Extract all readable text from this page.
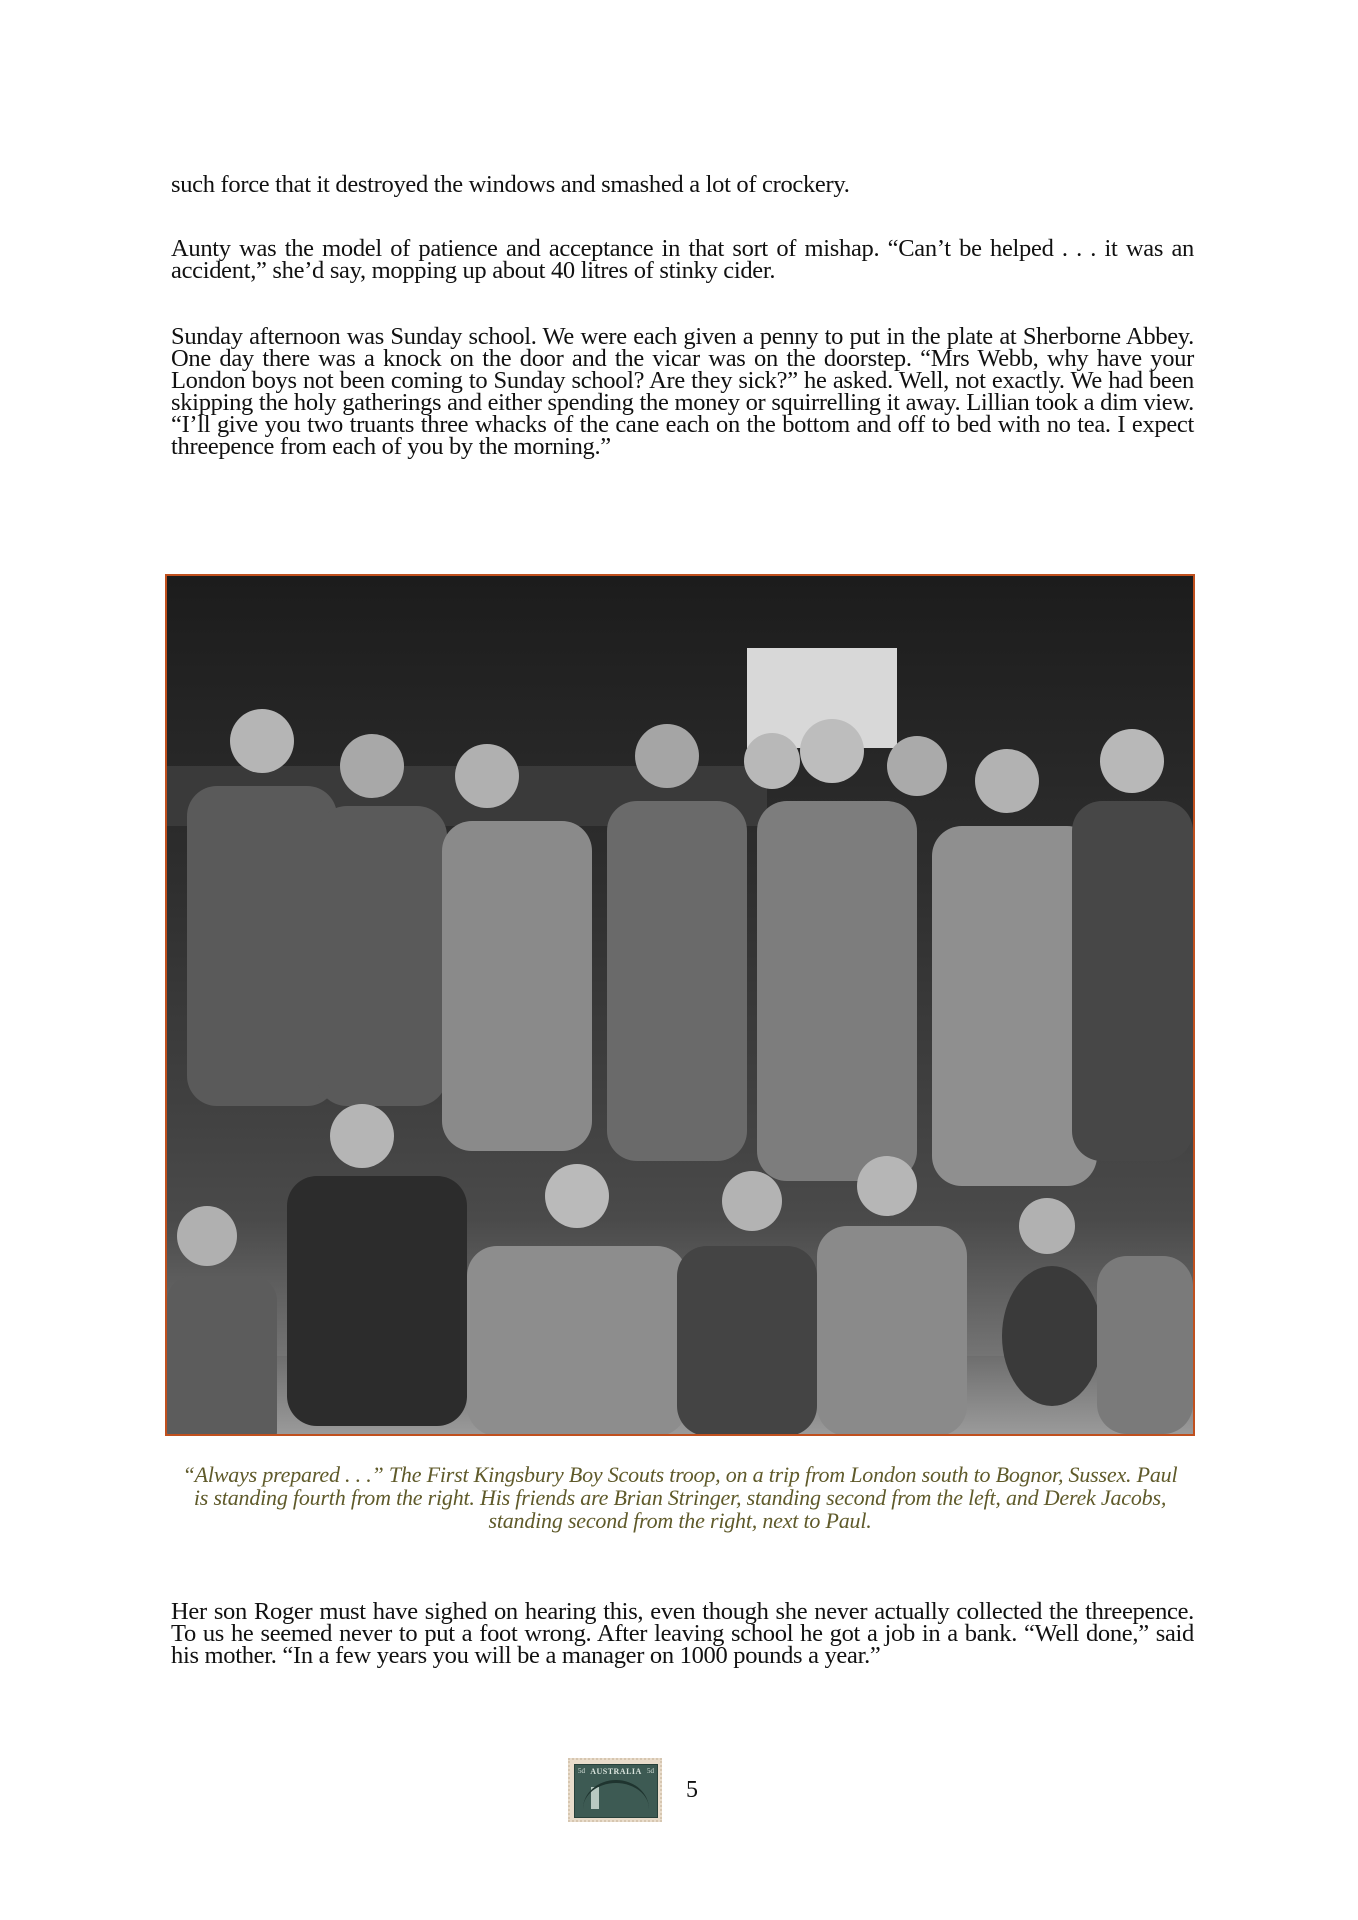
such force that it destroyed the windows and smashed a lot of crockery.

Aunty was the model of patience and acceptance in that sort of mishap. “Can’t be helped . . . it was an accident,” she’d say, mopping up about 40 litres of stinky cider.

Sunday afternoon was Sunday school. We were each given a penny to put in the plate at Sherborne Abbey. One day there was a knock on the door and the vicar was on the doorstep. “Mrs Webb, why have your London boys not been coming to Sunday school? Are they sick?” he asked. Well, not exactly. We had been skipping the holy gatherings and either spending the money or squirrelling it away. Lillian took a dim view. “I’ll give you two truants three whacks of the cane each on the bottom and off to bed with no tea. I expect threepence from each of you by the morning.”

“Always prepared . . .” The First Kingsbury Boy Scouts troop, on a trip from London south to Bognor, Sussex. Paul is standing fourth from the right. His friends are Brian Stringer, standing second from the left, and Derek Jacobs, standing second from the right, next to Paul.

Her son Roger must have sighed on hearing this, even though she never actually collected the threepence. To us he seemed never to put a foot wrong. After leaving school he got a job in a bank. “Well done,” said his mother. “In a few years you will be a manager on 1000 pounds a year.”

5d AUSTRALIA 5d
5
